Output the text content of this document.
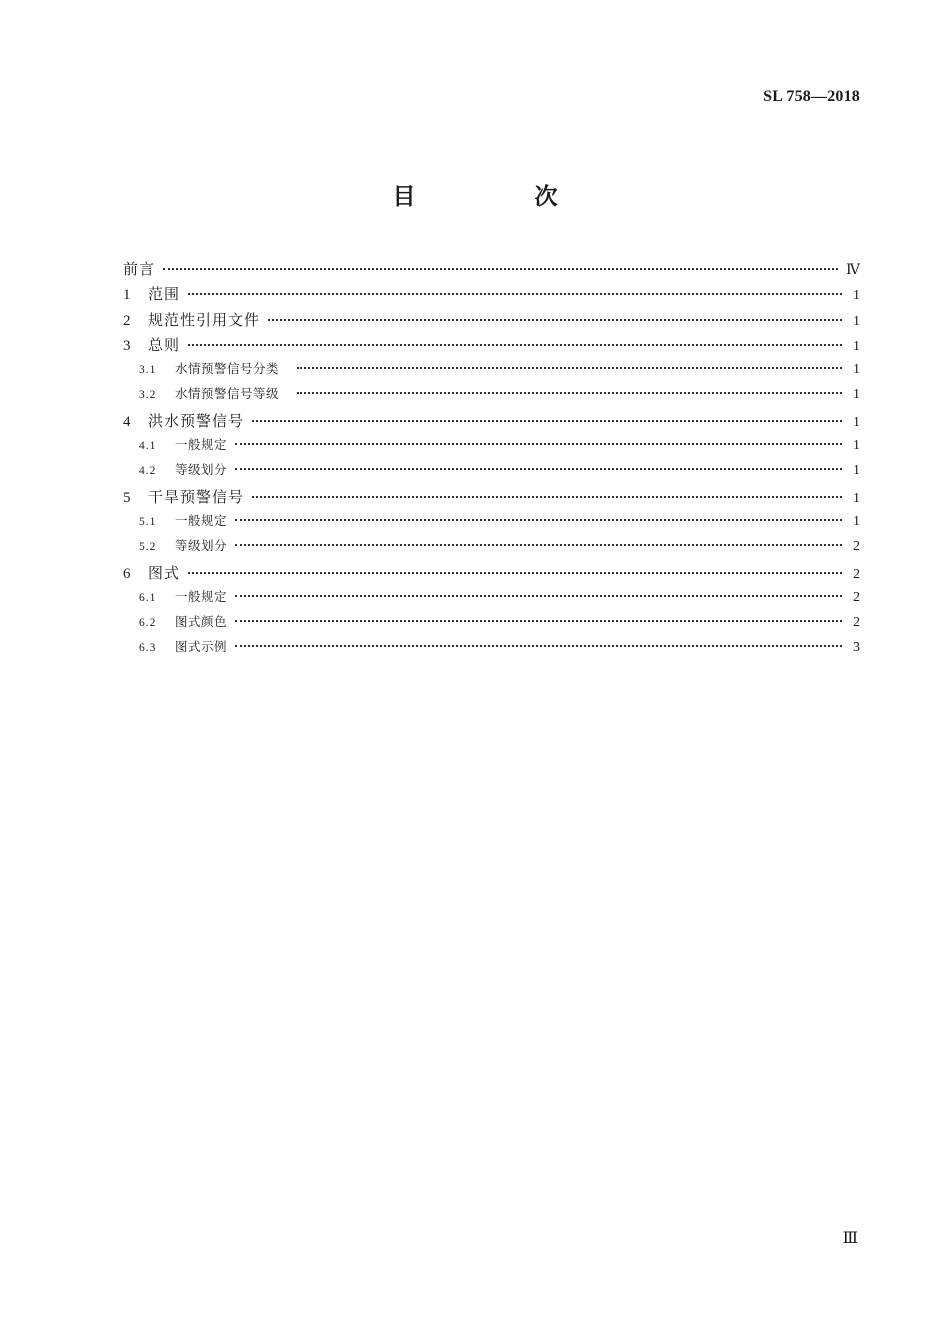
SL 758—2018
目　次
前言	Ⅳ
1	范围	1
2	规范性引用文件	1
3	总则	1
3.1	水情预警信号分类	1
3.2	水情预警信号等级	1
4	洪水预警信号	1
4.1	一般规定	1
4.2	等级划分	1
5	干旱预警信号	1
5.1	一般规定	1
5.2	等级划分	2
6	图式	2
6.1	一般规定	2
6.2	图式颜色	2
6.3	图式示例	3
Ⅲ
